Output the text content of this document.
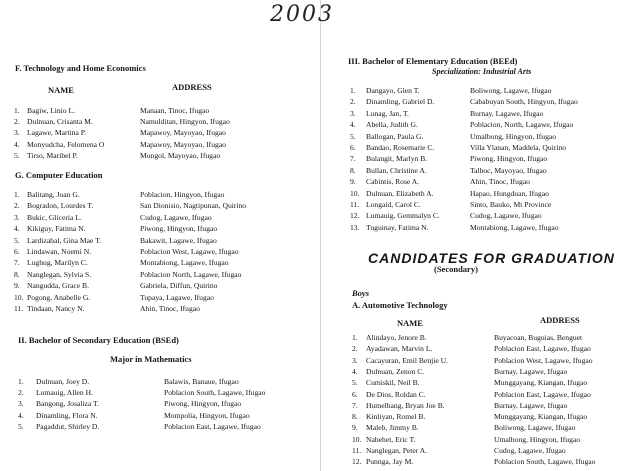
2003
F. Technology and Home Economics
NAME	ADDRESS
1. Bagiw, Linio L.	Manaan, Tinoc, Ifugao
2. Dulnuan, Crisanta M.	Namulditan, Hingyon, Ifugao
3. Lagawe, Martina P.	Mapawoy, Mayoyao, Ifugao
4. Monyudcha, Felomena O	Mapawoy, Mayoyao, Ifugao
5. Tirso, Maribel P.	Mongol, Mayoyao, Ifugao
G. Computer Education
1. Balitang, Joan G.	Poblacion, Hingyon, Ifugao
2. Bogradon, Lourdes T.	San Dionisio, Nagtipunan, Quirino
3. Bukic, Gliceria L.	Cudog, Lagawe, Ifugao
4. Kikiguy, Fatima N.	Piwong, Hingyon, Ifugao
5. Lardizabal, Gina Mae T.	Bakawit, Lagawe, Ifugao
6. Lindawan, Noemi N.	Poblacion West, Lagawe, Ifugao
7. Lughug, Marilyn C.	Montabiong, Lagawe, Ifugao
8. Nanglegan, Sylvia S.	Poblacion North, Lagawe, Ifugao
9. Nangudda, Grace B.	Gabriela, Diffun, Quirino
10. Pogong, Anabelle G.	Tupaya, Lagawe, Ifugao
11. Tindaan, Nancy N.	Ahin, Tinoc, Ifugao
II. Bachelor of Secondary Education (BSEd)
Major in Mathematics
1. Dulnuan, Joey D.	Balawis, Banaue, Ifugao
2. Lumauig, Allen H.	Poblacion South, Lagawe, Ifugao
3. Bangong, Josaliza T.	Piwong, Hingyon, Ifugao
4. Dinamling, Flora N.	Mompolia, Hingyon, Ifugao
5. Pagaddut, Shirley D.	Poblacion East, Lagawe, Ifugao
III. Bachelor of Elementary Education (BEEd)
Specialization: Industrial Arts
1. Dangayo, Glen T.	Boliwong, Lagawe, Ifugao
2. Dinamling, Gabriel D.	Cababuyan South, Hingyon, Ifugao
3. Lunag, Jan, T.	Burnay, Lagawe, Ifugao
4. Abella, Judith G.	Poblacion, North, Lagawe, Ifugao
5. Ballogan, Paula G.	Umalbong, Hingyon, Ifugao
6. Bandao, Rosemarie C.	Villa Ylanan, Maddela, Quirino
7. Bulangit, Marlyn B.	Piwong, Hingyon, Ifugao
8. Bullan, Christine A.	Talboc, Mayoyao, Ifugao
9. Cabintis, Rose A.	Ahin, Tinoc, Ifugao
10. Dulnuan, Elizabeth A.	Hapao, Hungduan, Ifugao
11. Longaid, Carol C.	Sinto, Bauko, Mt Province
12. Lumauig, Gemmalyn C.	Cudog, Lagawe, Ifugao
13. Tuguinay, Fatima N.	Montabiong, Lagawe, Ifugao
CANDIDATES FOR GRADUATION
(Secondary)
Boys
A. Automotive Technology
NAME	ADDRESS
1. Alindayo, Jenore B.	Buyacoan, Buguias, Benguet
2. Ayadawan, Marvin L.	Poblacion East, Lagawe, Ifugao
3. Cacayuran, Emil Benjie U.	Poblacion West, Lagawe, Ifugao
4. Dulnuan, Zenon C.	Burnay, Lagawe, Ifugao
5. Cumiskil, Neil B.	Munggayang, Kiangan, Ifugao
6. De Dios, Roldan C.	Poblacion East, Lagawe, Ifugao
7. Humelbang, Bryan Joe B.	Burnay, Lagawe, Ifugao
8. Kinliyan, Romel B.	Munggayang, Kiangan, Ifugao
9. Maleb, Jimmy B.	Boliwong, Lagawe, Ifugao
10. Nabehet, Eric T.	Umalbong, Hingyon, Ifugao
11. Nanglegan, Peter A.	Cudog, Lagawe, Ifugao
12. Punnga, Jay M.	Poblacion South, Lagawe, Ifugao
